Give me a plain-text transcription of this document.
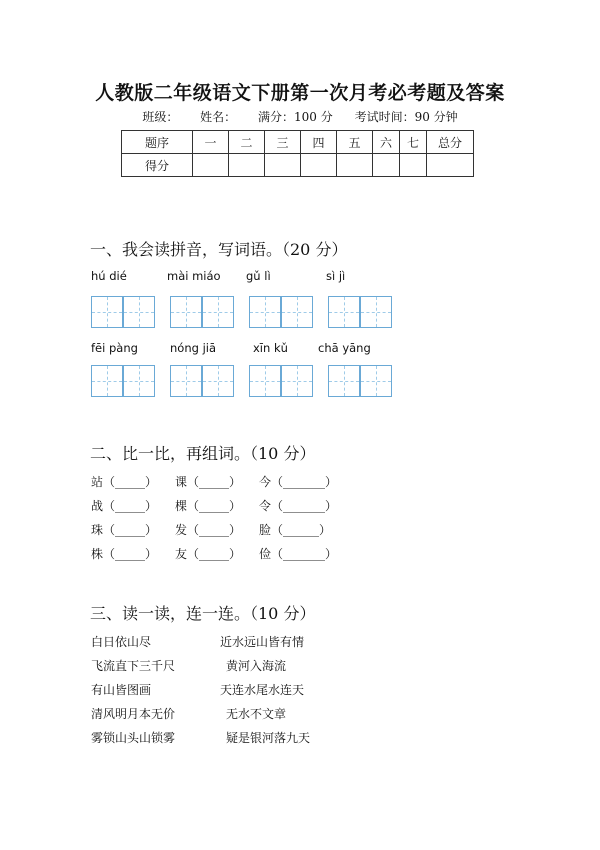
人教版二年级语文下册第一次月考必考题及答案
班级： 姓名： 满分：100 分 考试时间：90 分钟
题序	一	二	三	四	五	六	七	总分
得分								
一、我会读拼音，写词语。（20 分）
hú dié	mài miáo gǔ lì	sì jì
fēi pàng	nóng jiā	xīn kǔ	chā yāng
二、比一比，再组词。（10 分）
站（_____） 课（_____） 今（_______）
战（_____） 棵（_____） 令（_______）
珠（_____） 发（_____） 脸（______）
株（_____） 友（_____） 俭（_______）
三、读一读，连一连。（10 分）
白日依山尽
飞流直下三千尺
有山皆图画
清风明月本无价
雾锁山头山锁雾
近水远山皆有情
黄河入海流
天连水尾水连天
无水不文章
疑是银河落九天
